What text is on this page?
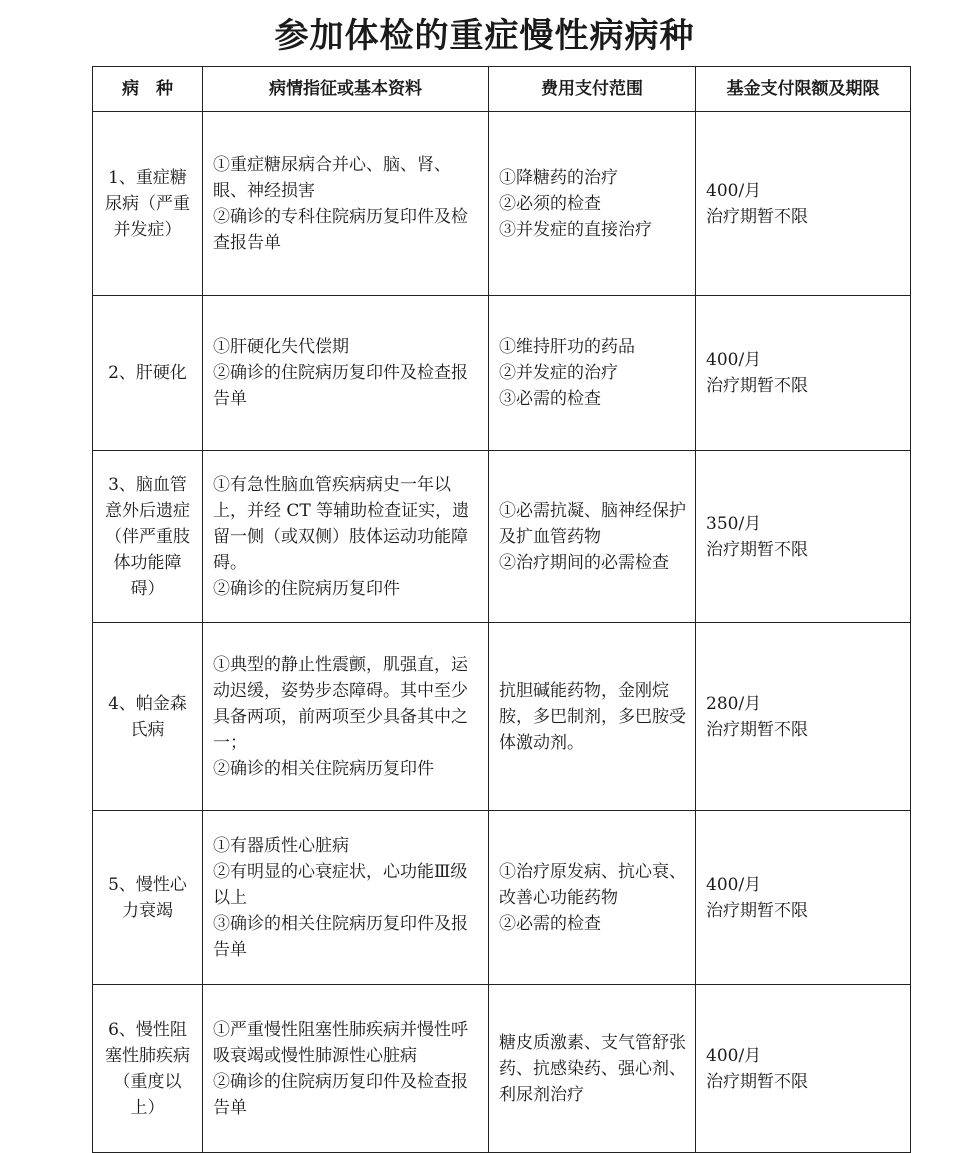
参加体检的重症慢性病病种
病　种	病情指征或基本资料	费用支付范围	基金支付限额及期限
1、重症糖尿病（严重并发症）	①重症糖尿病合并心、脑、肾、眼、神经损害
②确诊的专科住院病历复印件及检查报告单	①降糖药的治疗
②必须的检查
③并发症的直接治疗	400/月
治疗期暂不限

2、肝硬化	①肝硬化失代偿期
②确诊的住院病历复印件及检查报告单	①维持肝功的药品
②并发症的治疗
③必需的检查	400/月
治疗期暂不限

3、脑血管意外后遗症（伴严重肢体功能障碍）	①有急性脑血管疾病病史一年以上，并经 CT 等辅助检查证实，遗留一侧（或双侧）肢体运动功能障碍。
②确诊的住院病历复印件	①必需抗凝、脑神经保护及扩血管药物
②治疗期间的必需检查	350/月
治疗期暂不限

4、帕金森氏病	①典型的静止性震颤，肌强直，运动迟缓，姿势步态障碍。其中至少具备两项，前两项至少具备其中之一；
②确诊的相关住院病历复印件	抗胆碱能药物，金刚烷胺，多巴制剂，多巴胺受体激动剂。	280/月
治疗期暂不限

5、慢性心力衰竭	①有器质性心脏病
②有明显的心衰症状，心功能Ⅲ级以上
③确诊的相关住院病历复印件及报告单	①治疗原发病、抗心衰、改善心功能药物
②必需的检查	400/月
治疗期暂不限

6、慢性阻塞性肺疾病（重度以上）	①严重慢性阻塞性肺疾病并慢性呼吸衰竭或慢性肺源性心脏病
②确诊的住院病历复印件及检查报告单	糖皮质激素、支气管舒张药、抗感染药、强心剂、利尿剂治疗	400/月
治疗期暂不限
